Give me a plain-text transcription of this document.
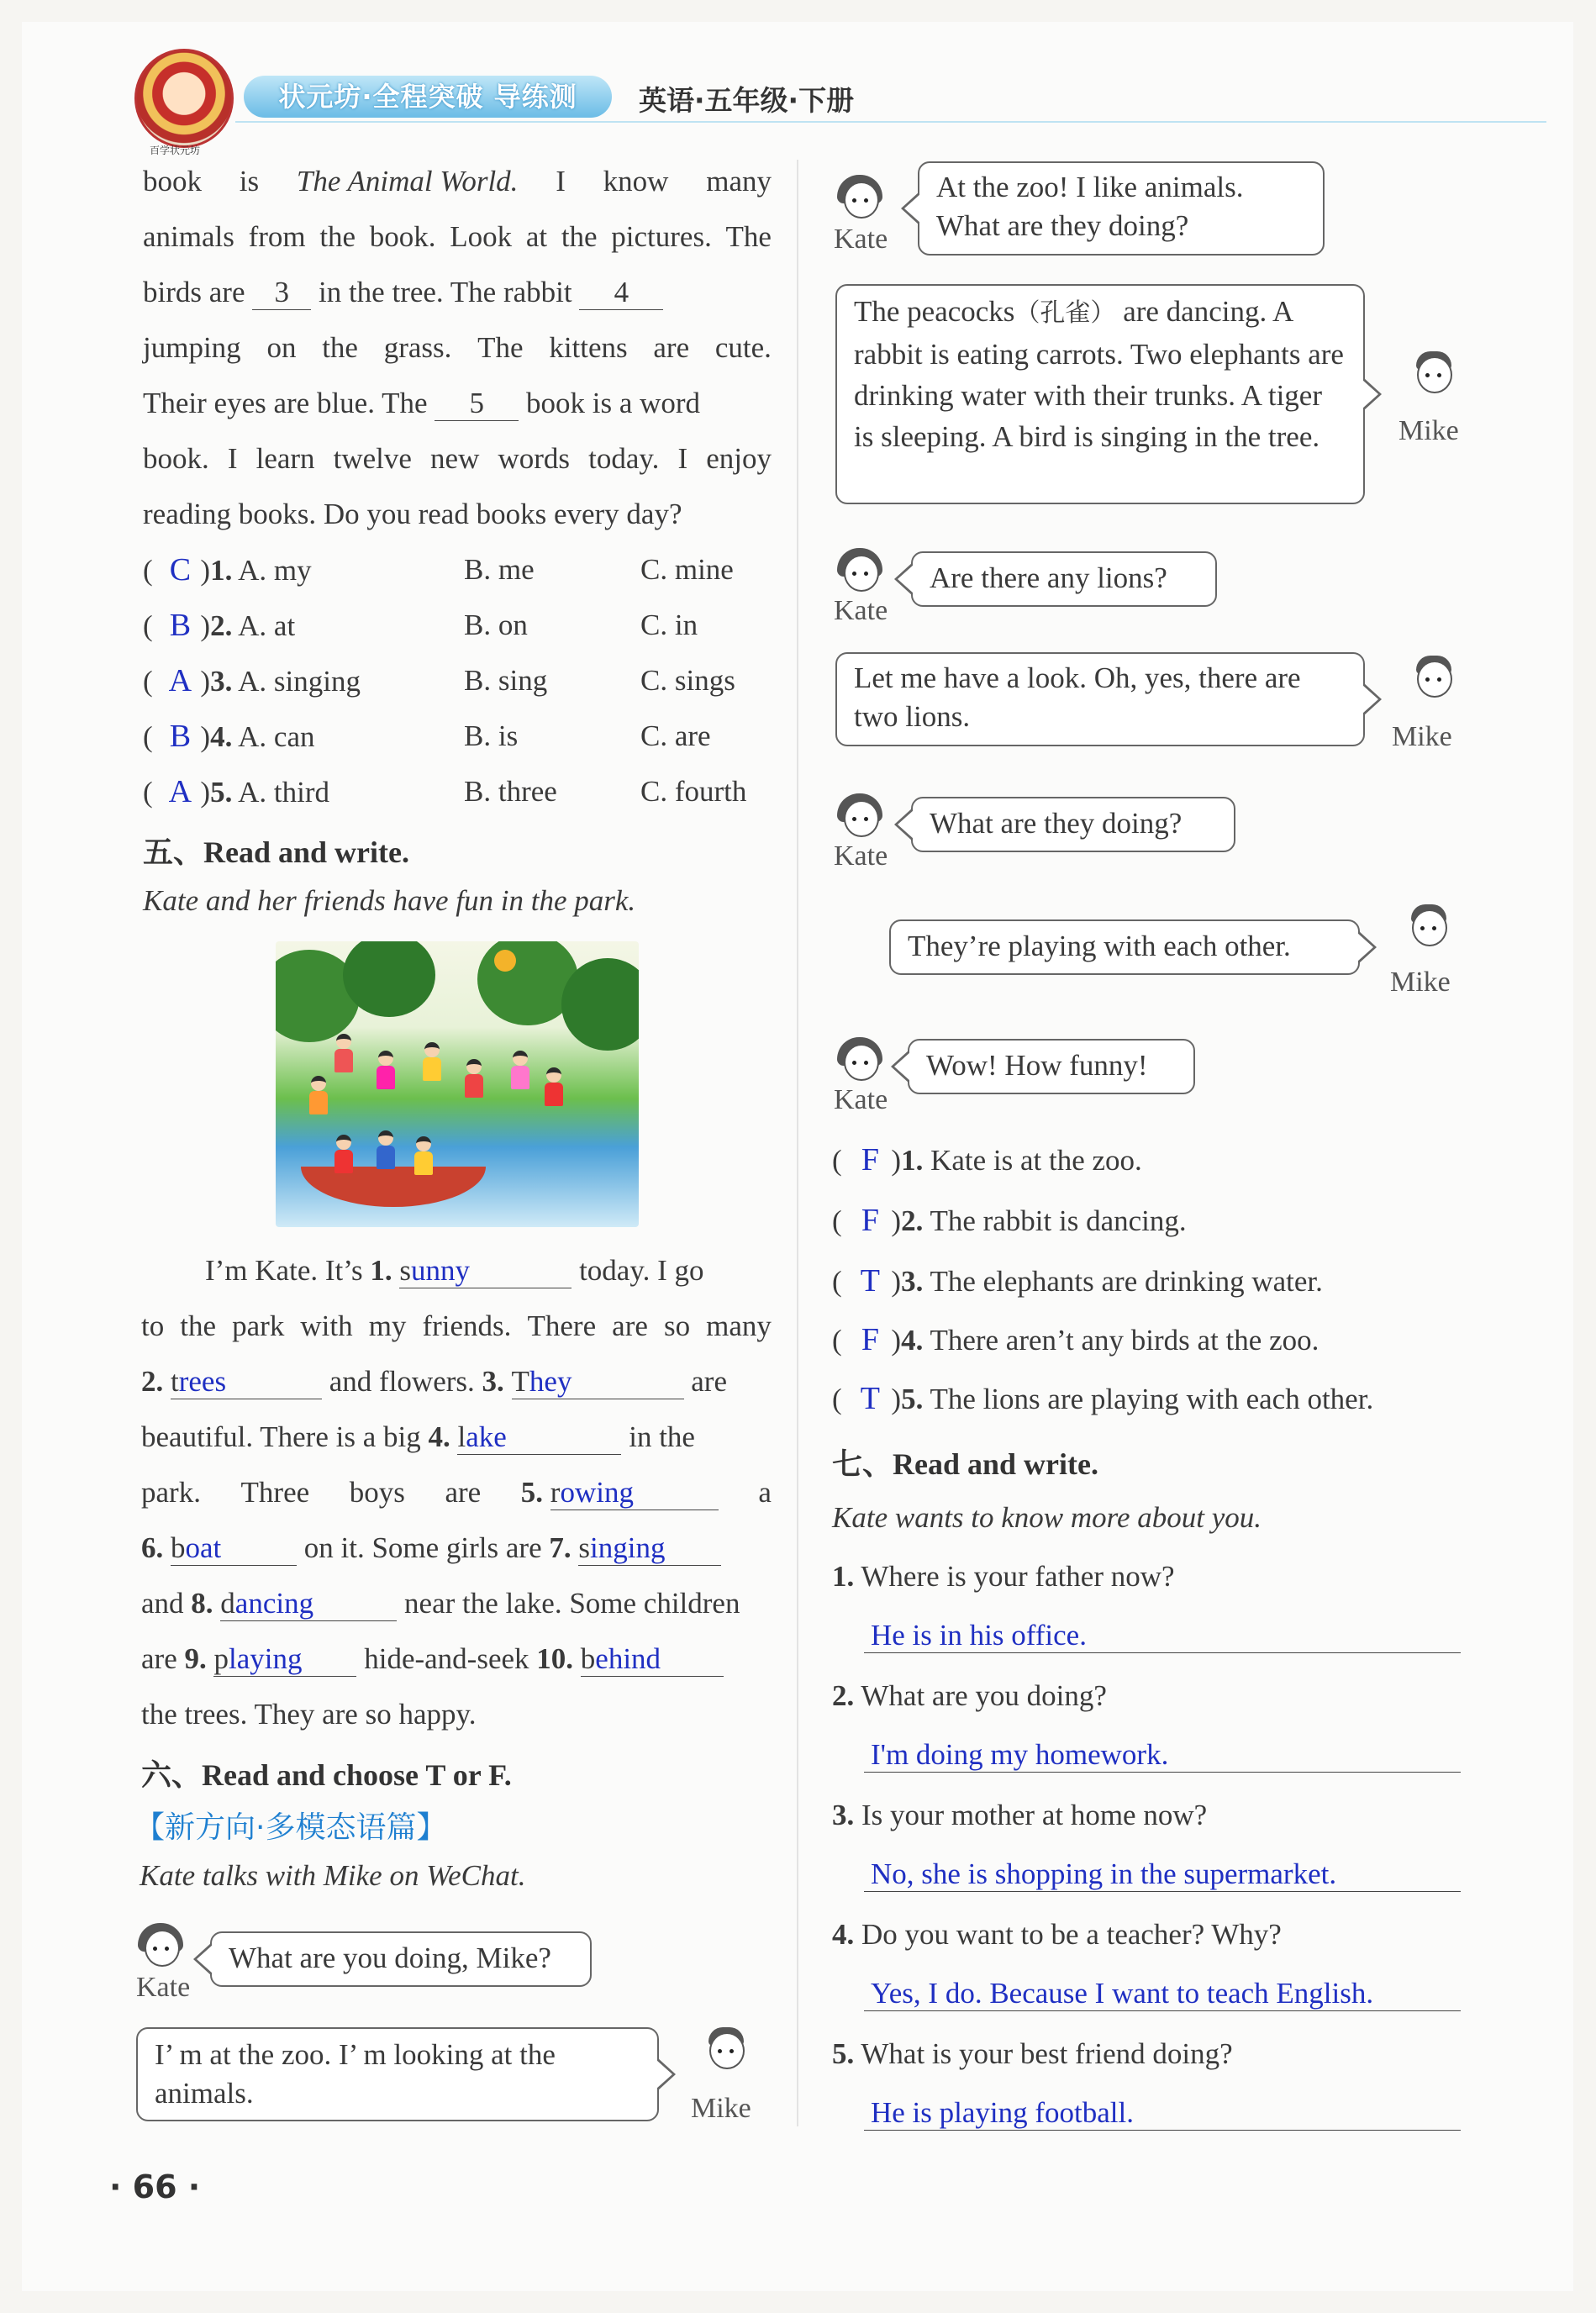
百学状元坊
状元坊·全程突破 导练测	英语·五年级·下册
book is The Animal World. I know many
animals from the book. Look at the pictures. The
birds are 3 in the tree. The rabbit 4
jumping on the grass. The kittens are cute.
Their eyes are blue. The 5 book is a word
book. I learn twelve new words today. I enjoy
reading books. Do you read books every day?
( C )1. A. my	B. me	C. mine
( B )2. A. at	B. on	C. in
( A )3. A. singing	B. sing	C. sings
( B )4. A. can	B. is	C. are
( A )5. A. third	B. three	C. fourth
五、Read and write.
Kate and her friends have fun in the park.
I’m Kate. It’s 1. sunny	today. I go
to the park with my friends. There are so many
2. trees	and flowers. 3. They	are
beautiful. There is a big 4. lake	in the
park. Three boys are 5. rowing	a
6. boat	on it. Some girls are 7. singing
and 8. dancing	near the lake. Some children
are 9. playing hide-and-seek 10. behind
the trees. They are so happy.
六、Read and choose T or F.
【新方向·多模态语篇】
Kate talks with Mike on WeChat.
Kate
What are you doing, Mike?
I’ m at the zoo. I’ m looking at the animals.	Mike
· 66 ·
Kate
At the zoo! I like animals. What are they doing?
The peacocks（孔雀） are dancing. A rabbit is eating carrots. Two elephants are drinking water with their trunks. A tiger is sleeping. A bird is singing in the tree.	Mike
Kate
Are there any lions?
Let me have a look. Oh, yes, there are two lions.
Mike
Kate
What are they doing?
They’re playing with each other.
Mike
Kate
Wow! How funny!
( F )1. Kate is at the zoo.
( F )2. The rabbit is dancing.
( T )3. The elephants are drinking water.
( F )4. There aren’t any birds at the zoo.
( T )5. The lions are playing with each other.
七、Read and write.
Kate wants to know more about you.
1. Where is your father now?
He is in his office.
2. What are you doing?
I'm doing my homework.
3. Is your mother at home now?
No, she is shopping in the supermarket.
4. Do you want to be a teacher? Why?
Yes, I do. Because I want to teach English.
5. What is your best friend doing?
He is playing football.
